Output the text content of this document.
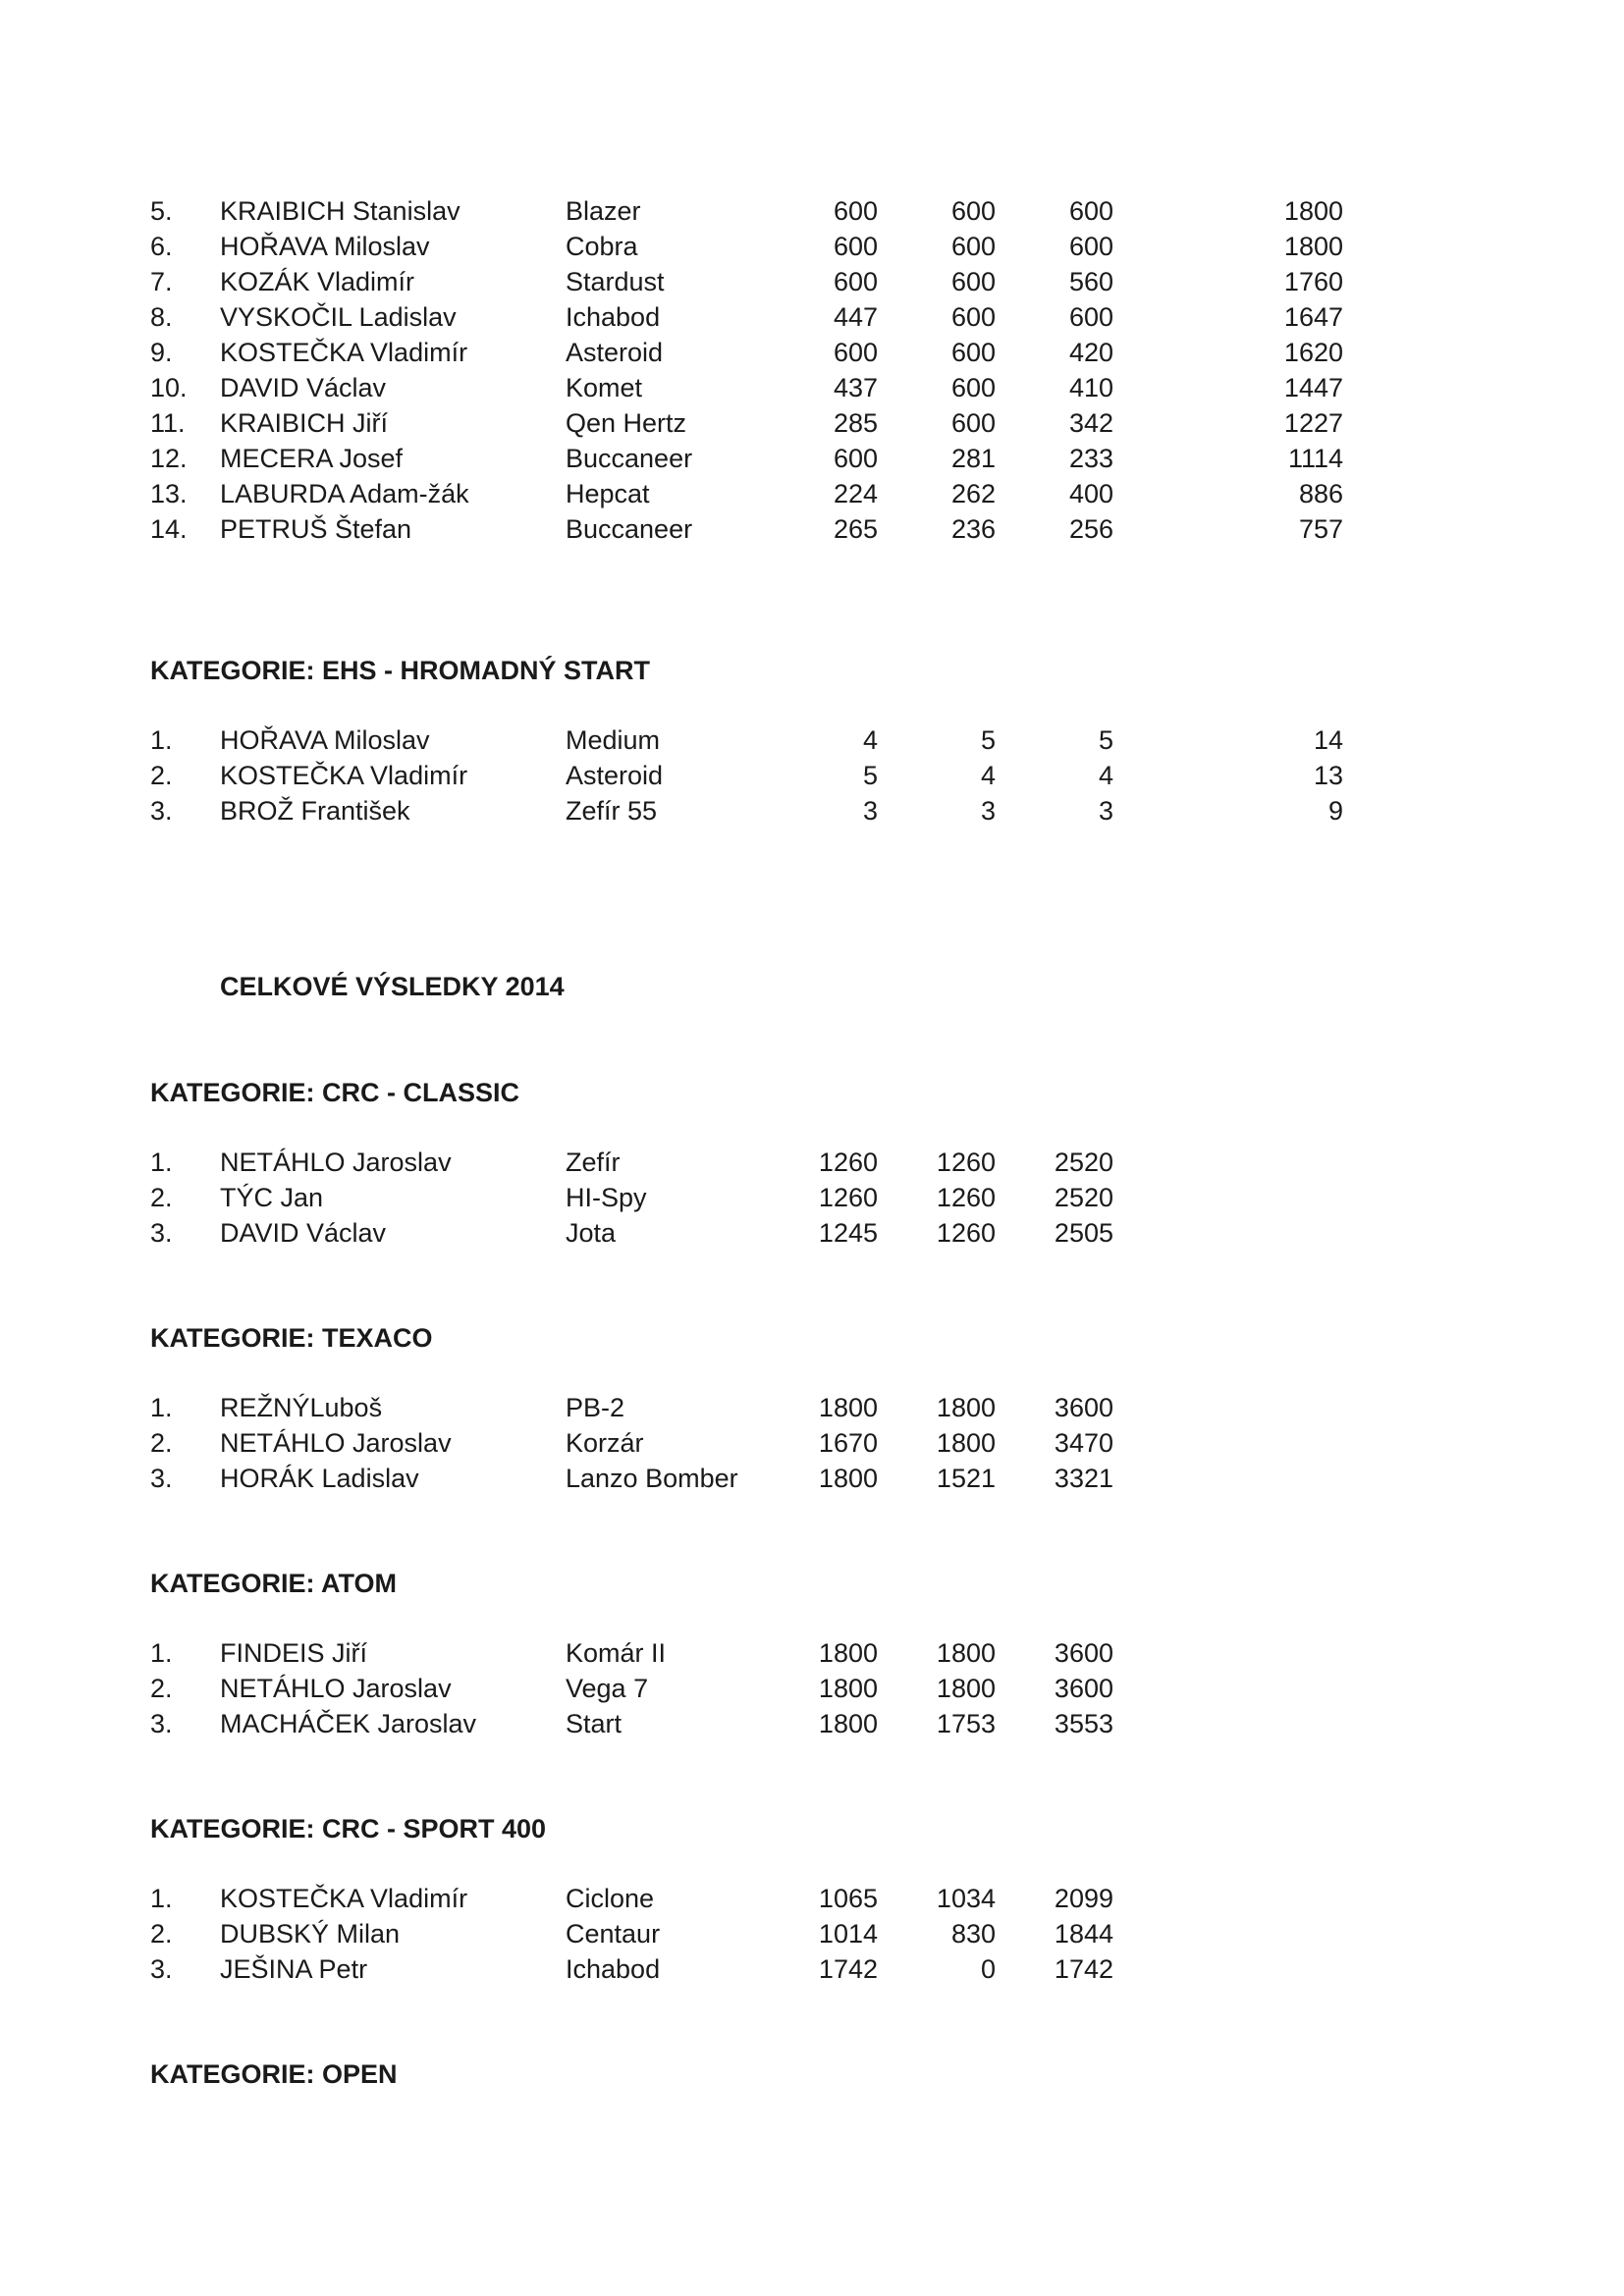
5. KRAIBICH Stanislav	Blazer	600	600	600	1800
6. HOŘAVA Miloslav	Cobra	600	600	600	1800
7. KOZÁK Vladimír	Stardust	600	600	560	1760
8. VYSKOČIL Ladislav	Ichabod	447	600	600	1647
9. KOSTEČKA Vladimír	Asteroid	600	600	420	1620
10. DAVID Václav	Komet	437	600	410	1447
11. KRAIBICH Jiří	Qen Hertz	285	600	342	1227
12. MECERA Josef	Buccaneer	600	281	233	1114
13. LABURDA Adam-žák	Hepcat	224	262	400	886
14. PETRUŠ Štefan	Buccaneer	265	236	256	757
KATEGORIE: EHS - HROMADNÝ START
1. HOŘAVA Miloslav	Medium	4	5	5	14
2. KOSTEČKA Vladimír	Asteroid	5	4	4	13
3. BROŽ František	Zefír 55	3	3	3	9
CELKOVÉ VÝSLEDKY 2014
KATEGORIE: CRC - CLASSIC
1. NETÁHLO Jaroslav	Zefír	1260	1260	2520
2. TÝC Jan	HI-Spy	1260	1260	2520
3. DAVID Václav	Jota	1245	1260	2505
KATEGORIE: TEXACO
1. REŽNÝLuboš	PB-2	1800	1800	3600
2. NETÁHLO Jaroslav	Korzár	1670	1800	3470
3. HORÁK Ladislav	Lanzo Bomber	1800	1521	3321
KATEGORIE: ATOM
1. FINDEIS Jiří	Komár II	1800	1800	3600
2. NETÁHLO Jaroslav	Vega 7	1800	1800	3600
3. MACHÁČEK Jaroslav	Start	1800	1753	3553
KATEGORIE: CRC - SPORT 400
1. KOSTEČKA Vladimír	Ciclone	1065	1034	2099
2. DUBSKÝ Milan	Centaur	1014	830	1844
3. JEŠINA Petr	Ichabod	1742	0	1742
KATEGORIE: OPEN
